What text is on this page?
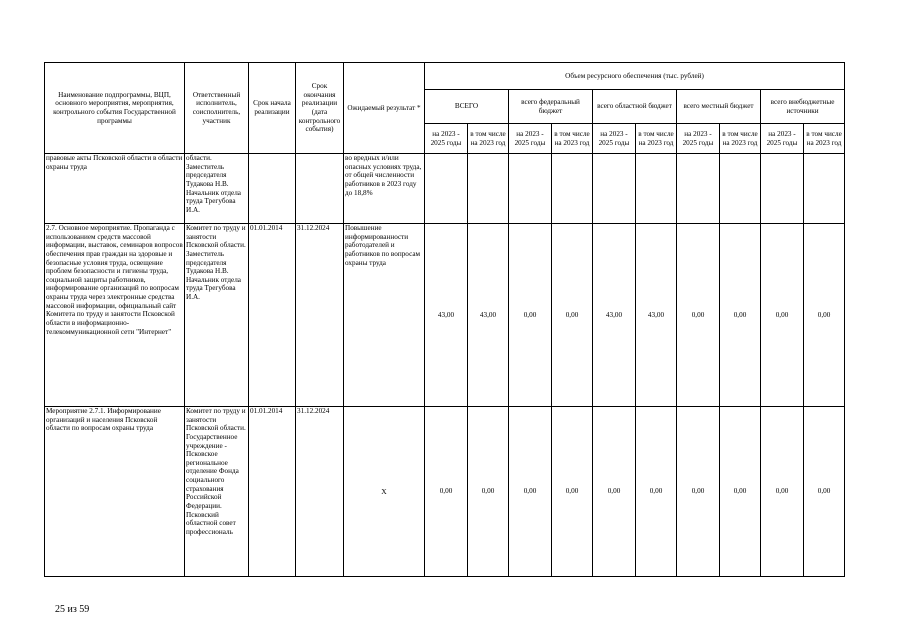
Наименование подпрограммы, ВЦП, основного мероприятия, мероприятия, контрольного события Государственной программы	Ответственный исполнитель, соисполнитель, участник	Срок начала реализации	Срок окончания реализации (дата контрольного события)	Ожидаемый результат *	Объем ресурсного обеспечения (тыс. рублей)									
					ВСЕГО		всего федеральный бюджет		всего областной бюджет		всего местный бюджет		всего внебюджетные источники	
					на 2023 - 2025 годы	в том числе на 2023 год	на 2023 - 2025 годы	в том числе на 2023 год	на 2023 - 2025 годы	в том числе на 2023 год	на 2023 - 2025 годы	в том числе на 2023 год	на 2023 - 2025 годы	в том числе на 2023 год
правовые акты Псковской области в области охраны труда	области. Заместитель председателя Тудакова Н.В. Начальник отдела труда Трегубова И.А.			во вредных и/или опасных условиях труда, от общей численности работников в 2023 году до 18,8%										
2.7. Основное мероприятие. Пропаганда с использованием средств массовой информации, выставок, семинаров вопросов обеспечения прав граждан на здоровые и безопасные условия труда, освещение проблем безопасности и гигиены труда, социальной защиты работников, информирование организаций по вопросам охраны труда через электронные средства массовой информации, официальный сайт Комитета по труду и занятости Псковской области в информационно-телекоммуникационной сети "Интернет"	Комитет по труду и занятости Псковской области. Заместитель председателя Тудакова Н.В. Начальник отдела труда Трегубова И.А.	01.01.2014	31.12.2024	Повышение информированности работодателей и работников по вопросам охраны труда	43,00	43,00	0,00	0,00	43,00	43,00	0,00	0,00	0,00	0,00
Мероприятие 2.7.1. Информирование организаций и населения Псковской области по вопросам охраны труда	Комитет по труду и занятости Псковской области. Государственное учреждение - Псковское региональное отделение Фонда социального страхования Российской Федерации. Псковский областной совет профессиональ	01.01.2014	31.12.2024	X	0,00	0,00	0,00	0,00	0,00	0,00	0,00	0,00	0,00	0,00
25 из 59
